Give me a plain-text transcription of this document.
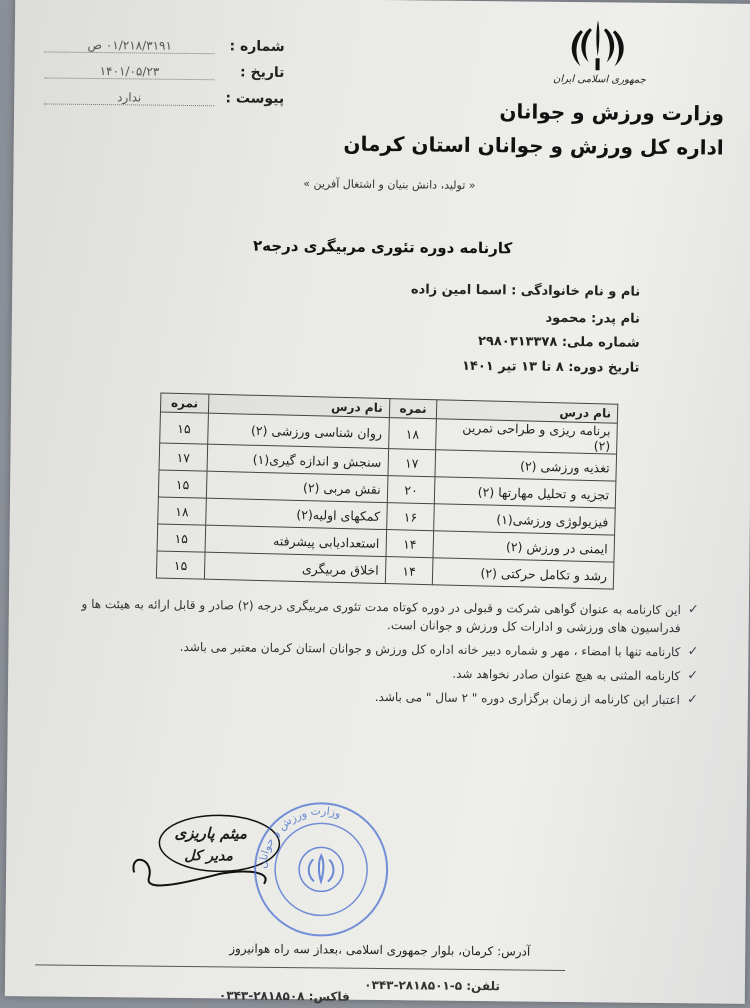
شماره :
۰۱/۲۱۸/۳۱۹۱ ص
تاریخ :
۱۴۰۱/۰۵/۲۳
پیوست :
ندارد
جمهوری اسلامی ایران
وزارت ورزش و جوانان
اداره کل ورزش و جوانان استان کرمان
« تولید، دانش بنیان و اشتغال آفرین »
کارنامه دوره تئوری مربیگری درجه۲
نام و نام خانوادگی : اسما امین زاده
نام پدر: محمود
شماره ملی: ۲۹۸۰۳۱۳۳۷۸
تاریخ دوره: ۸ تا ۱۳ تیر ۱۴۰۱
نام درس	نمره	نام درس	نمره
برنامه ریزی و طراحی تمرین (۲)	۱۸	روان شناسی ورزشی (۲)	۱۵
تغذیه ورزشی (۲)	۱۷	سنجش و اندازه گیری(۱)	۱۷
تجزیه و تحلیل مهارتها (۲)	۲۰	نقش مربی (۲)	۱۵
فیزیولوژی ورزشی(۱)	۱۶	کمکهای اولیه(۲)	۱۸
ایمنی در ورزش (۲)	۱۴	استعدادیابی پیشرفته	۱۵
رشد و تکامل حرکتی (۲)	۱۴	اخلاق مربیگری	۱۵
✓
این کارنامه به عنوان گواهی شرکت و قبولی در دوره کوتاه مدت تئوری مربیگری درجه (۲) صادر و قابل ارائه به هیئت ها و فدراسیون های ورزشی و ادارات کل ورزش و جوانان است.
✓
کارنامه تنها با امضاء ، مهر و شماره دبیر خانه اداره کل ورزش و جوانان استان کرمان معتبر می باشد.
✓
کارنامه المثنی به هیچ عنوان صادر نخواهد شد.
✓
اعتبار این کارنامه از زمان برگزاری دوره " ۲ سال " می باشد.
میثم پاریزی
مدیر کل
وزارت ورزش و جوانان
آدرس: کرمان، بلوار جمهوری اسلامی ،بعداز سه راه هوانیروز
تلفن: ۵-۲۸۱۸۵۰۱-۰۳۴۳
فاکس: ۲۸۱۸۵۰۸-۰۳۴۳
